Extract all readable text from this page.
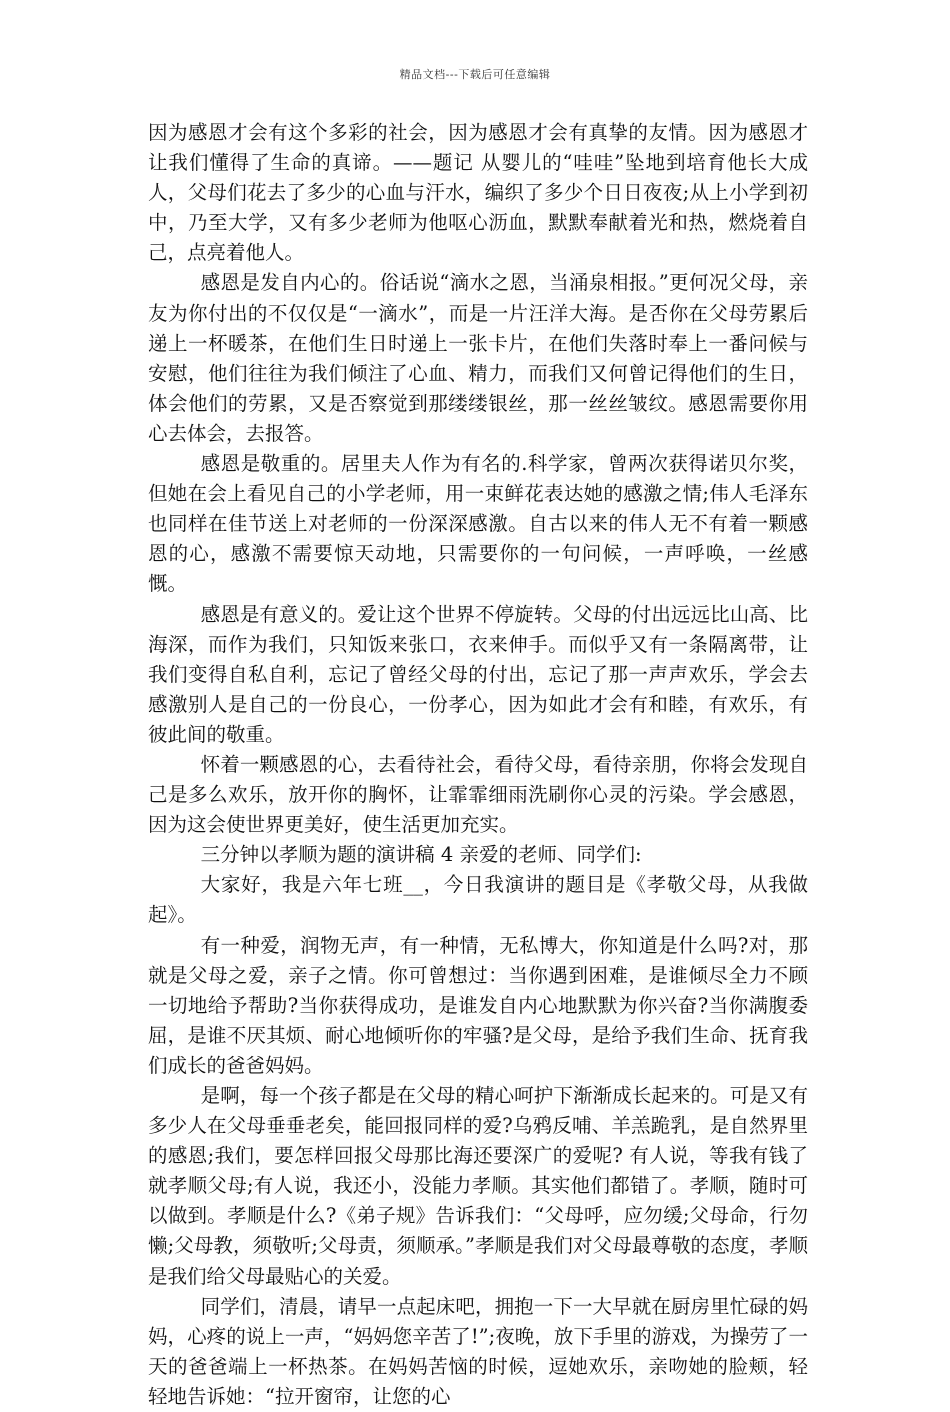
精品文档---下载后可任意编辑

因为感恩才会有这个多彩的社会，因为感恩才会有真挚的友情。因为感恩才让我们懂得了生命的真谛。——题记 从婴儿的“哇哇”坠地到培育他长大成人，父母们花去了多少的心血与汗水，编织了多少个日日夜夜;从上小学到初中，乃至大学，又有多少老师为他呕心沥血，默默奉献着光和热，燃烧着自己，点亮着他人。

感恩是发自内心的。俗话说“滴水之恩，当涌泉相报。”更何况父母，亲友为你付出的不仅仅是“一滴水”，而是一片汪洋大海。是否你在父母劳累后递上一杯暖茶，在他们生日时递上一张卡片，在他们失落时奉上一番问候与安慰，他们往往为我们倾注了心血、精力，而我们又何曾记得他们的生日，体会他们的劳累，又是否察觉到那缕缕银丝，那一丝丝皱纹。感恩需要你用心去体会，去报答。

感恩是敬重的。居里夫人作为有名的.科学家，曾两次获得诺贝尔奖，但她在会上看见自己的小学老师，用一束鲜花表达她的感激之情;伟人毛泽东也同样在佳节送上对老师的一份深深感激。自古以来的伟人无不有着一颗感恩的心，感激不需要惊天动地，只需要你的一句问候，一声呼唤，一丝感慨。

感恩是有意义的。爱让这个世界不停旋转。父母的付出远远比山高、比海深，而作为我们，只知饭来张口，衣来伸手。而似乎又有一条隔离带，让我们变得自私自利，忘记了曾经父母的付出，忘记了那一声声欢乐，学会去感激别人是自己的一份良心，一份孝心，因为如此才会有和睦，有欢乐，有彼此间的敬重。

怀着一颗感恩的心，去看待社会，看待父母，看待亲朋，你将会发现自己是多么欢乐，放开你的胸怀，让霏霏细雨洗刷你心灵的污染。学会感恩，因为这会使世界更美好，使生活更加充实。

三分钟以孝顺为题的演讲稿 4 亲爱的老师、同学们:

大家好，我是六年七班__，今日我演讲的题目是《孝敬父母，从我做起》。

有一种爱，润物无声，有一种情，无私博大，你知道是什么吗?对，那就是父母之爱，亲子之情。你可曾想过：当你遇到困难，是谁倾尽全力不顾一切地给予帮助?当你获得成功，是谁发自内心地默默为你兴奋?当你满腹委屈，是谁不厌其烦、耐心地倾听你的牢骚?是父母，是给予我们生命、抚育我们成长的爸爸妈妈。

是啊，每一个孩子都是在父母的精心呵护下渐渐成长起来的。可是又有多少人在父母垂垂老矣，能回报同样的爱?乌鸦反哺、羊羔跪乳，是自然界里的感恩;我们，要怎样回报父母那比海还要深广的爱呢? 有人说，等我有钱了就孝顺父母;有人说，我还小，没能力孝顺。其实他们都错了。孝顺，随时可以做到。孝顺是什么?《弟子规》告诉我们：“父母呼，应勿缓;父母命，行勿懒;父母教，须敬听;父母责，须顺承。”孝顺是我们对父母最尊敬的态度，孝顺是我们给父母最贴心的关爱。

同学们，清晨，请早一点起床吧，拥抱一下一大早就在厨房里忙碌的妈妈，心疼的说上一声，“妈妈您辛苦了!”;夜晚，放下手里的游戏，为操劳了一天的爸爸端上一杯热茶。在妈妈苦恼的时候，逗她欢乐，亲吻她的脸颊，轻轻地告诉她：“拉开窗帘，让您的心
